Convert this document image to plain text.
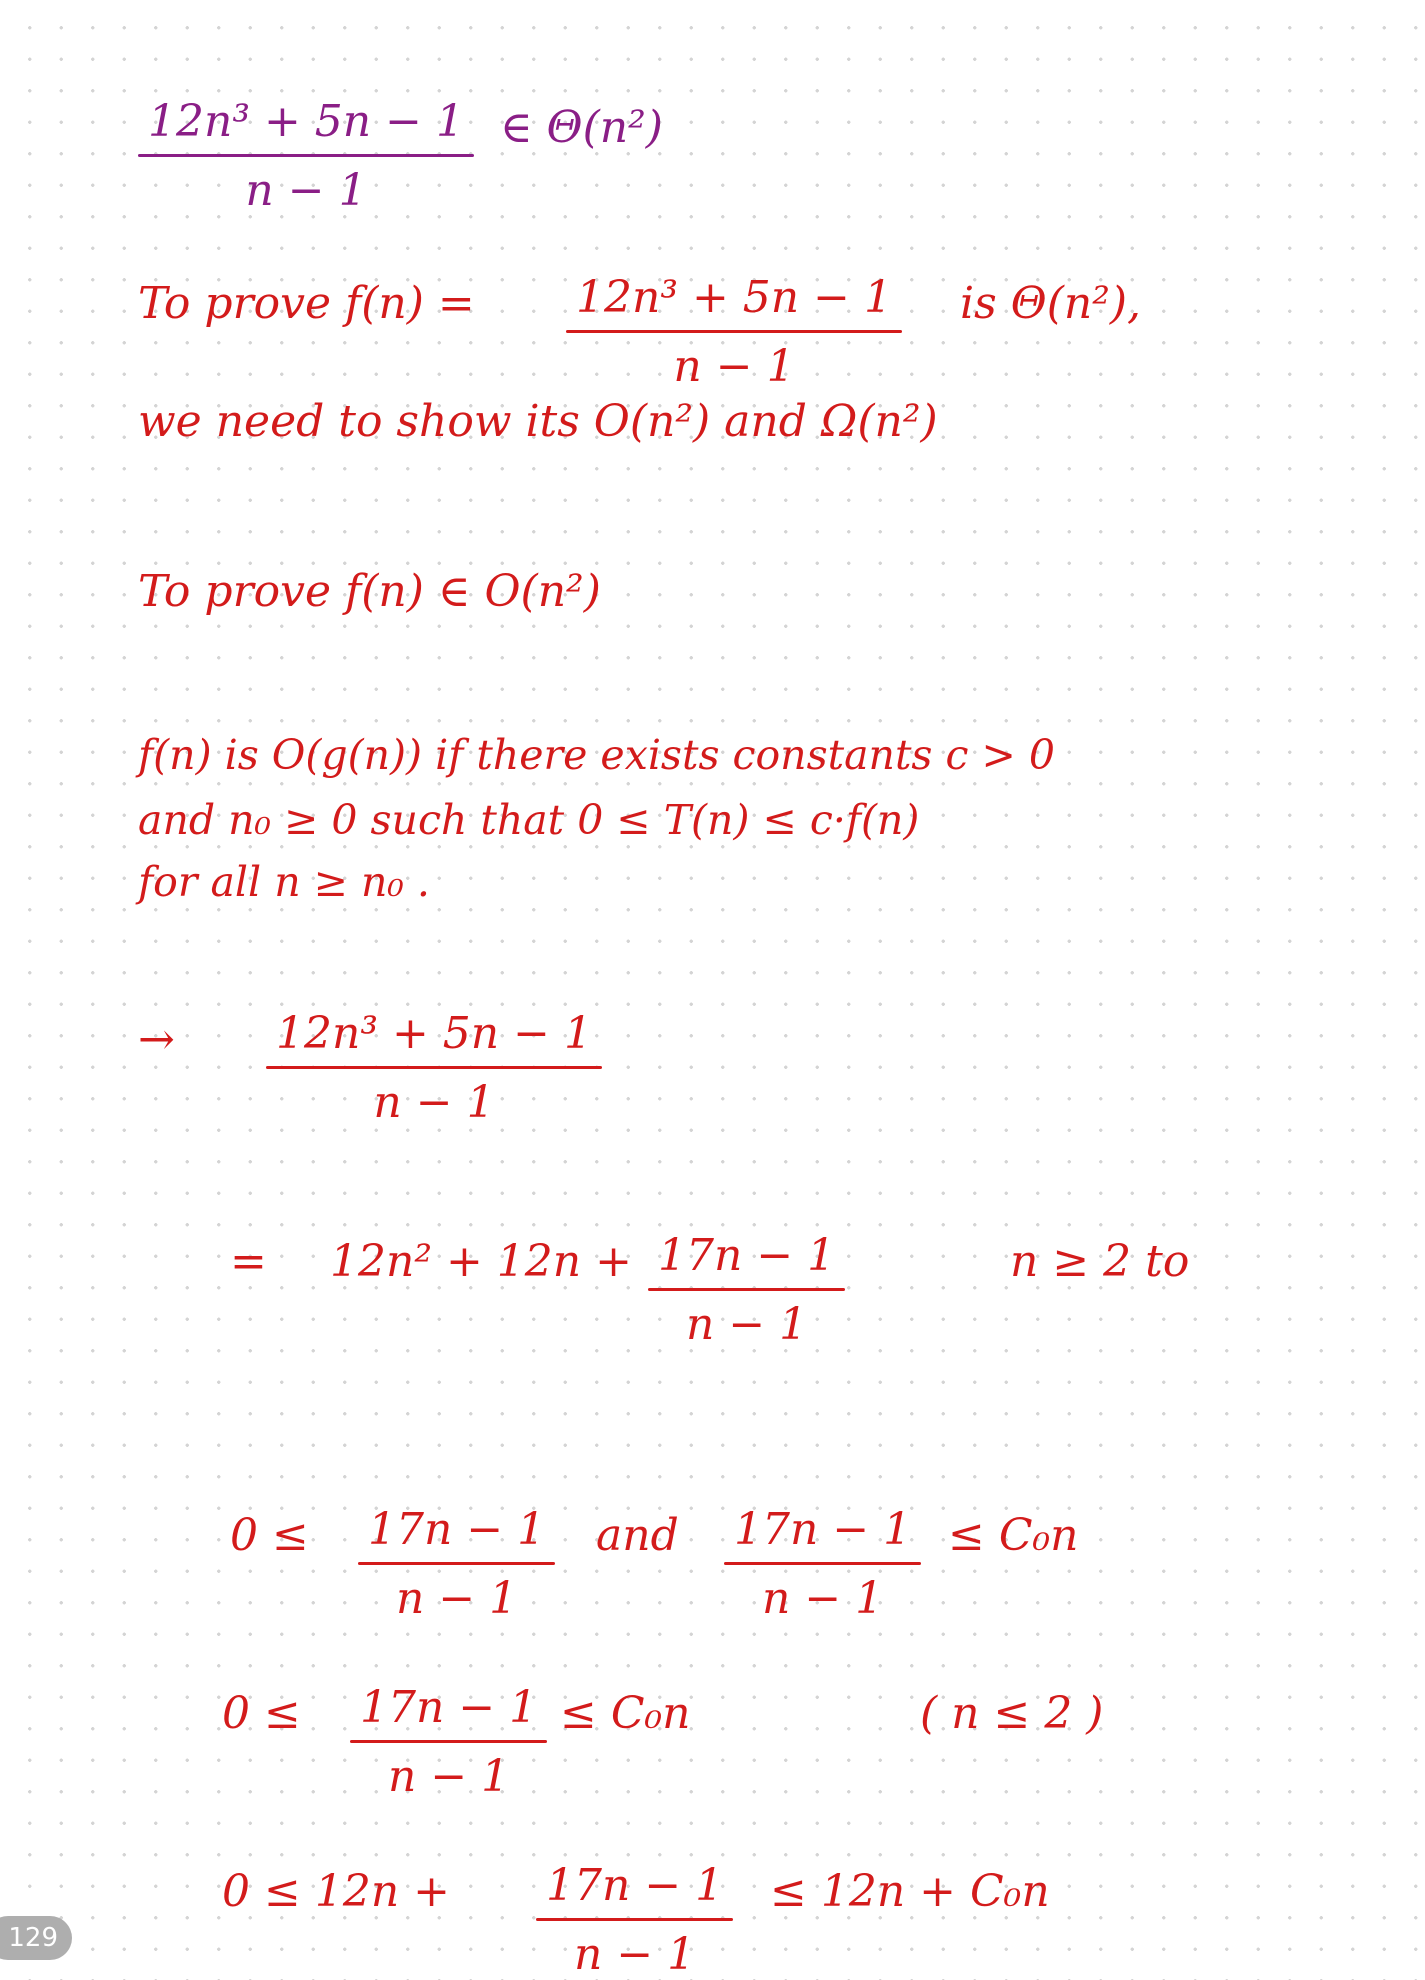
12n³ + 5n − 1
n − 1
∈ Θ(n²)
To prove f(n) = 12n³ + 5n − 1
n − 1
is Θ(n²),
we need to show its O(n²) and Ω(n²)
To prove f(n) ∈ O(n²)
f(n) is O(g(n)) if there exists constants c > 0
and n₀ ≥ 0 such that 0 ≤ T(n) ≤ c·f(n)
for all n ≥ n₀ .
→ 12n³ + 5n − 1
n − 1
= 12n² + 12n + 17n − 1
n − 1
n ≥ 2 to
0 ≤ 17n − 1
n − 1
and 17n − 1
n − 1
≤ C₀n
0 ≤ 17n − 1
n − 1
≤ C₀n	( n ≤ 2 )
0 ≤ 12n + 17n − 1
n − 1
≤ 12n + C₀n
129
